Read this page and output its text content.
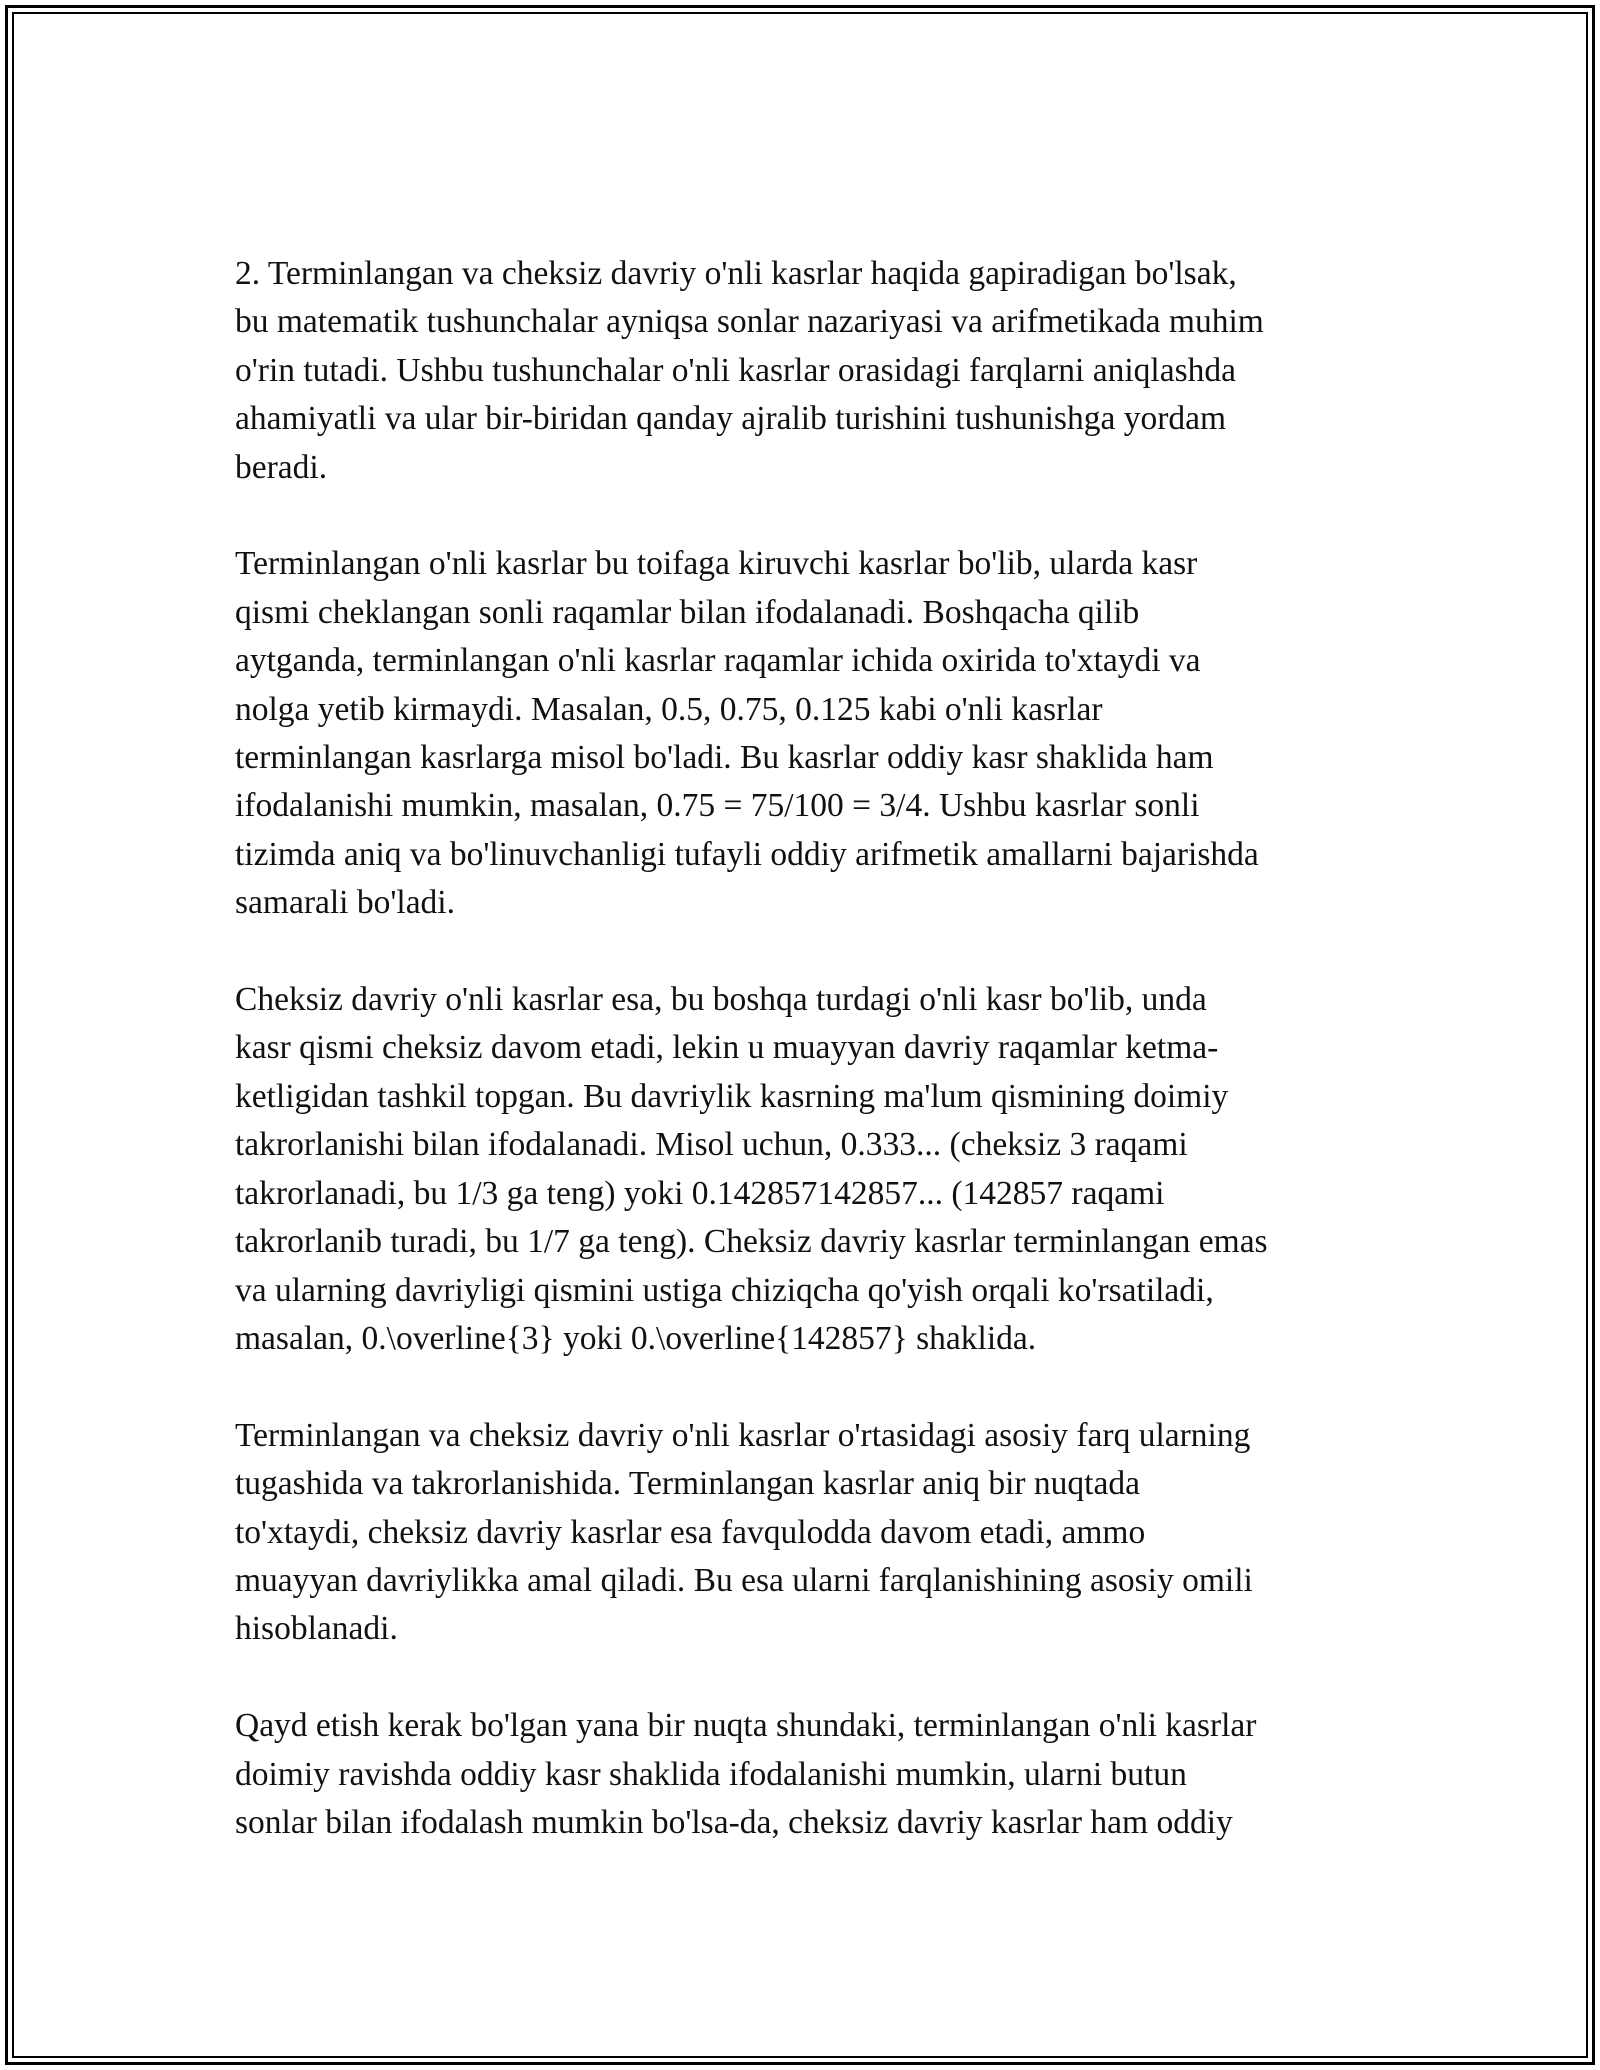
2. Terminlangan va cheksiz davriy o'nli kasrlar haqida gapiradigan bo'lsak,
bu matematik tushunchalar ayniqsa sonlar nazariyasi va arifmetikada muhim
o'rin tutadi. Ushbu tushunchalar o'nli kasrlar orasidagi farqlarni aniqlashda
ahamiyatli va ular bir-biridan qanday ajralib turishini tushunishga yordam
beradi.
Terminlangan o'nli kasrlar bu toifaga kiruvchi kasrlar bo'lib, ularda kasr
qismi cheklangan sonli raqamlar bilan ifodalanadi. Boshqacha qilib
aytganda, terminlangan o'nli kasrlar raqamlar ichida oxirida to'xtaydi va
nolga yetib kirmaydi. Masalan, 0.5, 0.75, 0.125 kabi o'nli kasrlar
terminlangan kasrlarga misol bo'ladi. Bu kasrlar oddiy kasr shaklida ham
ifodalanishi mumkin, masalan, 0.75 = 75/100 = 3/4. Ushbu kasrlar sonli
tizimda aniq va bo'linuvchanligi tufayli oddiy arifmetik amallarni bajarishda
samarali bo'ladi.
Cheksiz davriy o'nli kasrlar esa, bu boshqa turdagi o'nli kasr bo'lib, unda
kasr qismi cheksiz davom etadi, lekin u muayyan davriy raqamlar ketma-
ketligidan tashkil topgan. Bu davriylik kasrning ma'lum qismining doimiy
takrorlanishi bilan ifodalanadi. Misol uchun, 0.333... (cheksiz 3 raqami
takrorlanadi, bu 1/3 ga teng) yoki 0.142857142857... (142857 raqami
takrorlanib turadi, bu 1/7 ga teng). Cheksiz davriy kasrlar terminlangan emas
va ularning davriyligi qismini ustiga chiziqcha qo'yish orqali ko'rsatiladi,
masalan, 0.\overline{3} yoki 0.\overline{142857} shaklida.
Terminlangan va cheksiz davriy o'nli kasrlar o'rtasidagi asosiy farq ularning
tugashida va takrorlanishida. Terminlangan kasrlar aniq bir nuqtada
to'xtaydi, cheksiz davriy kasrlar esa favqulodda davom etadi, ammo
muayyan davriylikka amal qiladi. Bu esa ularni farqlanishining asosiy omili
hisoblanadi.
Qayd etish kerak bo'lgan yana bir nuqta shundaki, terminlangan o'nli kasrlar
doimiy ravishda oddiy kasr shaklida ifodalanishi mumkin, ularni butun
sonlar bilan ifodalash mumkin bo'lsa-da, cheksiz davriy kasrlar ham oddiy
